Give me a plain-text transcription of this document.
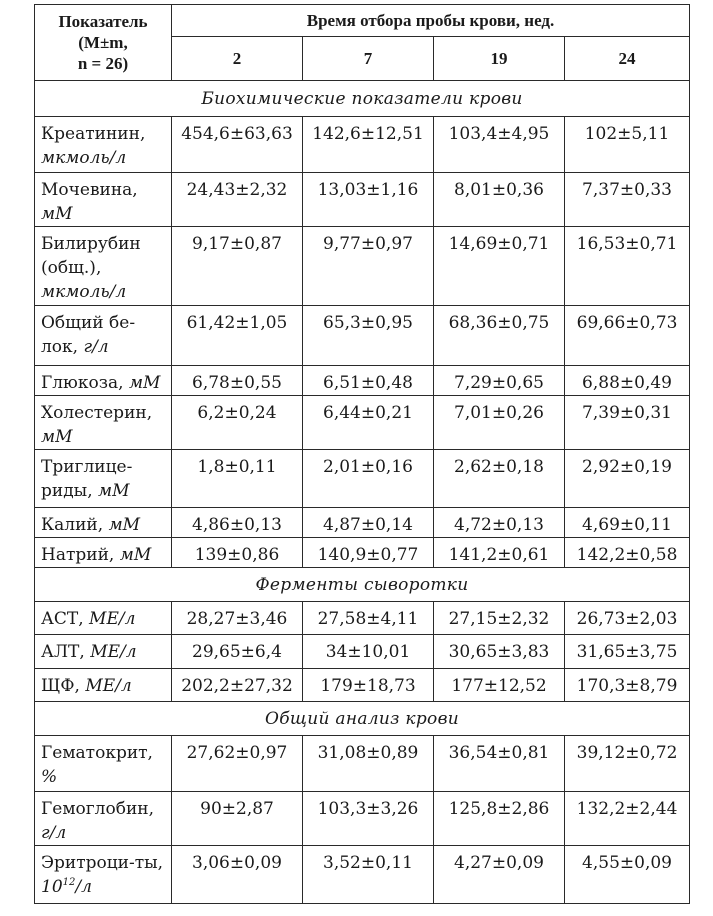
Показатель
(M±m,
n = 26)	Время отбора пробы крови, нед.			
	2	7	19	24
Биохимические показатели крови				
Креатинин, мкмоль/л	454,6±63,63	142,6±12,51	103,4±4,95	102±5,11
Мочевина, мМ	24,43±2,32	13,03±1,16	8,01±0,36	7,37±0,33
Билирубин (общ.), мкмоль/л	9,17±0,87	9,77±0,97	14,69±0,71	16,53±0,71
Общий бе-лок, г/л	61,42±1,05	65,3±0,95	68,36±0,75	69,66±0,73
Глюкоза, мМ	6,78±0,55	6,51±0,48	7,29±0,65	6,88±0,49
Холестерин, мМ	6,2±0,24	6,44±0,21	7,01±0,26	7,39±0,31
Триглице-риды, мМ	1,8±0,11	2,01±0,16	2,62±0,18	2,92±0,19
Калий, мМ	4,86±0,13	4,87±0,14	4,72±0,13	4,69±0,11
Натрий, мМ	139±0,86	140,9±0,77	141,2±0,61	142,2±0,58
Ферменты сыворотки				
АСТ, МЕ/л	28,27±3,46	27,58±4,11	27,15±2,32	26,73±2,03
АЛТ, МЕ/л	29,65±6,4	34±10,01	30,65±3,83	31,65±3,75
ЩФ, МЕ/л	202,2±27,32	179±18,73	177±12,52	170,3±8,79
Общий анализ крови				
Гематокрит, %	27,62±0,97	31,08±0,89	36,54±0,81	39,12±0,72
Гемоглобин, г/л	90±2,87	103,3±3,26	125,8±2,86	132,2±2,44
Эритроци-ты, $10^{12}/л$	3,06±0,09	3,52±0,11	4,27±0,09	4,55±0,09
